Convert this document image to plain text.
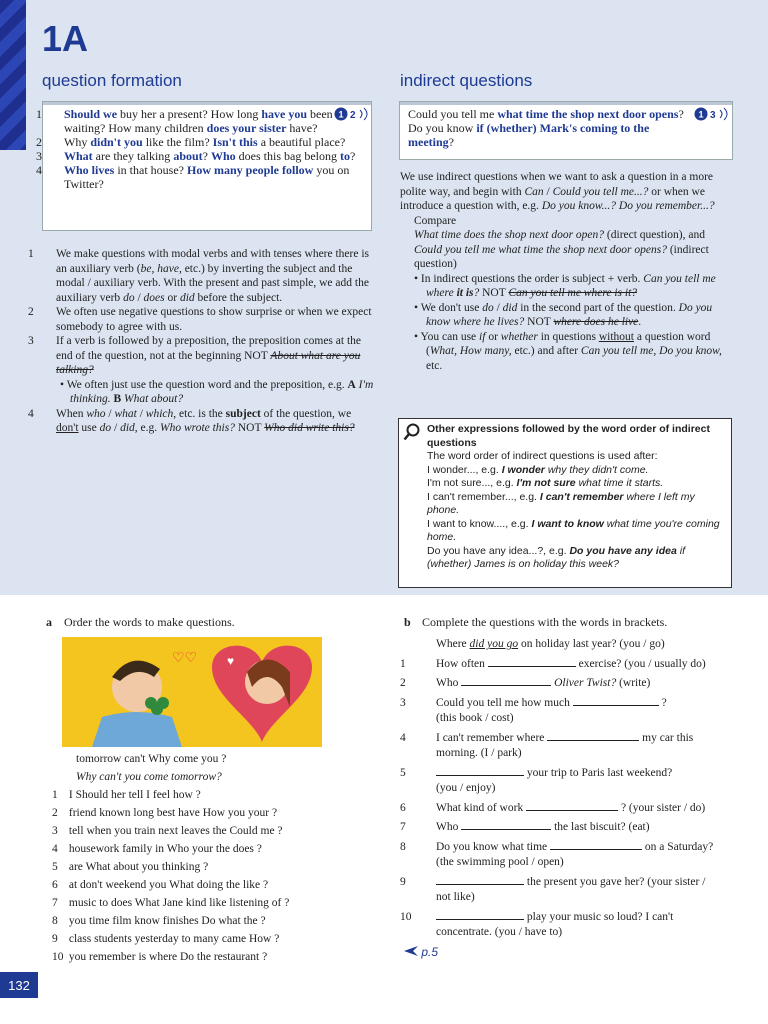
1A
question formation	indirect questions
1 2
1 Should we buy her a present? How long have you been waiting? How many children does your sister have?
2 Why didn't you like the film? Isn't this a beautiful place?
3 What are they talking about? Who does this bag belong to?
4 Who lives in that house? How many people follow you on Twitter?
1 We make questions with modal verbs and with tenses where there is an auxiliary verb (be, have, etc.) by inverting the subject and the modal / auxiliary verb. With the present and past simple, we add the auxiliary verb do / does or did before the subject.
2 We often use negative questions to show surprise or when we expect somebody to agree with us.
3 If a verb is followed by a preposition, the preposition comes at the end of the question, not at the beginning NOT About what are you talking?
• We often just use the question word and the preposition, e.g. A I'm thinking. B What about?
4 When who / what / which, etc. is the subject of the question, we don't use do / did, e.g. Who wrote this? NOT Who did write this?
1 3
Could you tell me what time the shop next door opens? Do you know if (whether) Mark's coming to the meeting?
We use indirect questions when we want to ask a question in a more polite way, and begin with Can / Could you tell me...? or when we introduce a question with, e.g. Do you know...? Do you remember...?
Compare
What time does the shop next door open? (direct question), and Could you tell me what time the shop next door opens? (indirect question)
• In indirect questions the order is subject + verb. Can you tell me where it is? NOT Can you tell me where is it?
• We don't use do / did in the second part of the question. Do you know where he lives? NOT where does he live.
• You can use if or whether in questions without a question word (What, How many, etc.) and after Can you tell me, Do you know, etc.
Other expressions followed by the word order of indirect questions
The word order of indirect questions is used after:
I wonder..., e.g. I wonder why they didn't come.
I'm not sure..., e.g. I'm not sure what time it starts.
I can't remember..., e.g. I can't remember where I left my phone.
I want to know...., e.g. I want to know what time you're coming home.
Do you have any idea...?, e.g. Do you have any idea if (whether) James is on holiday this week?
a Order the words to make questions.	b Complete the questions with the words in brackets.
♡♡ ♥
tomorrow can't Why come you ?
Why can't you come tomorrow?
1 I Should her tell I feel how ?
2 friend known long best have How you your ?
3 tell when you train next leaves the Could me ?
4 housework family in Who your the does ?
5 are What about you thinking ?
6 at don't weekend you What doing the like ?
7 music to does What Jane kind like listening of ?
8 you time film know finishes Do what the ?
9 class students yesterday to many came How ?
10 you remember is where Do the restaurant ?
Where did you go on holiday last year? (you / go)
1	How often	exercise? (you / usually do)
2	Who	Oliver Twist? (write)
3	Could you tell me how much	?
(this book / cost)
4	I can't remember where	my car this
morning. (I / park)
5	your trip to Paris last weekend?
(you / enjoy)
6	What kind of work	? (your sister / do)
7	Who	the last biscuit? (eat)
8	Do you know what time	on a Saturday?
(the swimming pool / open)
9	the present you gave her? (your sister /
not like)
10	play your music so loud? I can't
concentrate. (you / have to)
p.5
132
